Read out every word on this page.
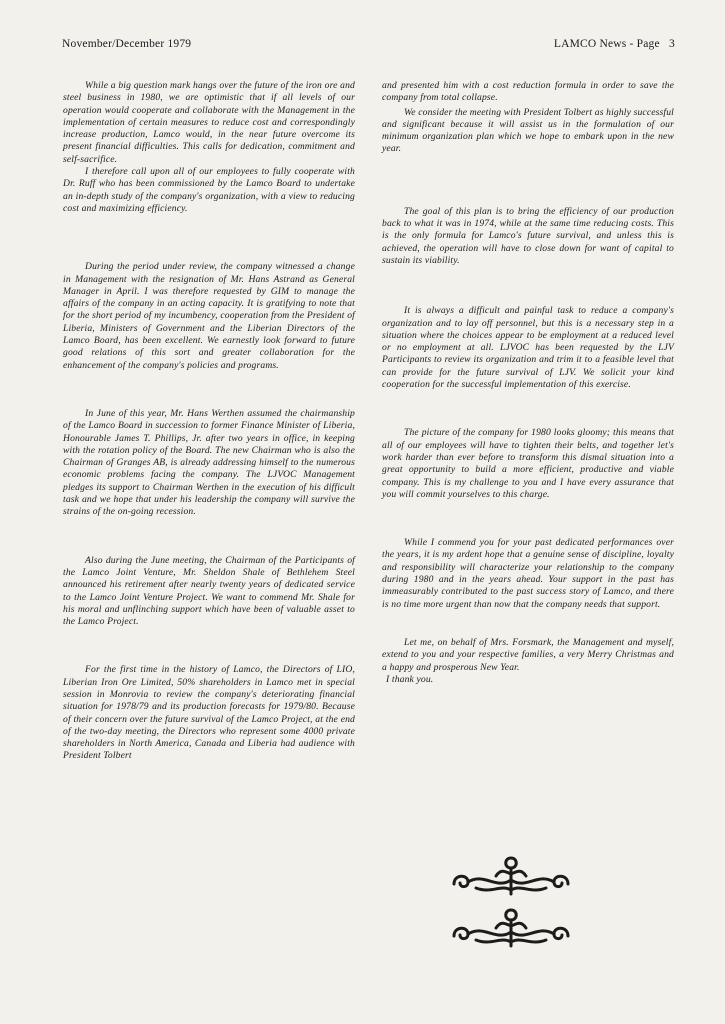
November/December 1979	LAMCO News - Page 3

While a big question mark hangs over the future of the iron ore and steel business in 1980, we are optimistic that if all levels of our operation would cooperate and collaborate with the Management in the implementation of certain measures to reduce cost and correspondingly increase production, Lamco would, in the near future overcome its present financial difficulties. This calls for dedication, commitment and self-sacrifice.

I therefore call upon all of our employees to fully cooperate with Dr. Ruff who has been commissioned by the Lamco Board to undertake an in-depth study of the company's organization, with a view to reducing cost and maximizing efficiency.

During the period under review, the company witnessed a change in Management with the resignation of Mr. Hans Astrand as General Manager in April. I was therefore requested by GIM to manage the affairs of the company in an acting capacity. It is gratifying to note that for the short period of my incumbency, cooperation from the President of Liberia, Ministers of Government and the Liberian Directors of the Lamco Board, has been excellent. We earnestly look forward to future good relations of this sort and greater collaboration for the enhancement of the company's policies and programs.

In June of this year, Mr. Hans Werthen assumed the chairmanship of the Lamco Board in succession to former Finance Minister of Liberia, Honourable James T. Phillips, Jr. after two years in office, in keeping with the rotation policy of the Board. The new Chairman who is also the Chairman of Granges AB, is already addressing himself to the numerous economic problems facing the company. The LJVOC Management pledges its support to Chairman Werthen in the execution of his difficult task and we hope that under his leadership the company will survive the strains of the on-going recession.

Also during the June meeting, the Chairman of the Participants of the Lamco Joint Venture, Mr. Sheldon Shale of Bethlehem Steel announced his retirement after nearly twenty years of dedicated service to the Lamco Joint Venture Project. We want to commend Mr. Shale for his moral and unflinching support which have been of valuable asset to the Lamco Project.

For the first time in the history of Lamco, the Directors of LIO, Liberian Iron Ore Limited, 50% shareholders in Lamco met in special session in Monrovia to review the company's deteriorating financial situation for 1978/79 and its production forecasts for 1979/80. Because of their concern over the future survival of the Lamco Project, at the end of the two-day meeting, the Directors who represent some 4000 private shareholders in North America, Canada and Liberia had audience with President Tolbert

and presented him with a cost reduction formula in order to save the company from total collapse.

We consider the meeting with President Tolbert as highly successful and significant because it will assist us in the formulation of our minimum organization plan which we hope to embark upon in the new year.

The goal of this plan is to bring the efficiency of our production back to what it was in 1974, while at the same time reducing costs. This is the only formula for Lamco's future survival, and unless this is achieved, the operation will have to close down for want of capital to sustain its viability.

It is always a difficult and painful task to reduce a company's organization and to lay off personnel, but this is a necessary step in a situation where the choices appear to be employment at a reduced level or no employment at all. LJVOC has been requested by the LJV Participants to review its organization and trim it to a feasible level that can provide for the future survival of LJV. We solicit your kind cooperation for the successful implementation of this exercise.

The picture of the company for 1980 looks gloomy; this means that all of our employees will have to tighten their belts, and together let's work harder than ever before to transform this dismal situation into a great opportunity to build a more efficient, productive and viable company. This is my challenge to you and I have every assurance that you will commit yourselves to this charge.

While I commend you for your past dedicated performances over the years, it is my ardent hope that a genuine sense of discipline, loyalty and responsibility will characterize your relationship to the company during 1980 and in the years ahead. Your support in the past has immeasurably contributed to the past success story of Lamco, and there is no time more urgent than now that the company needs that support.

Let me, on behalf of Mrs. Forsmark, the Management and myself, extend to you and your respective families, a very Merry Christmas and a happy and prosperous New Year.

I thank you.
